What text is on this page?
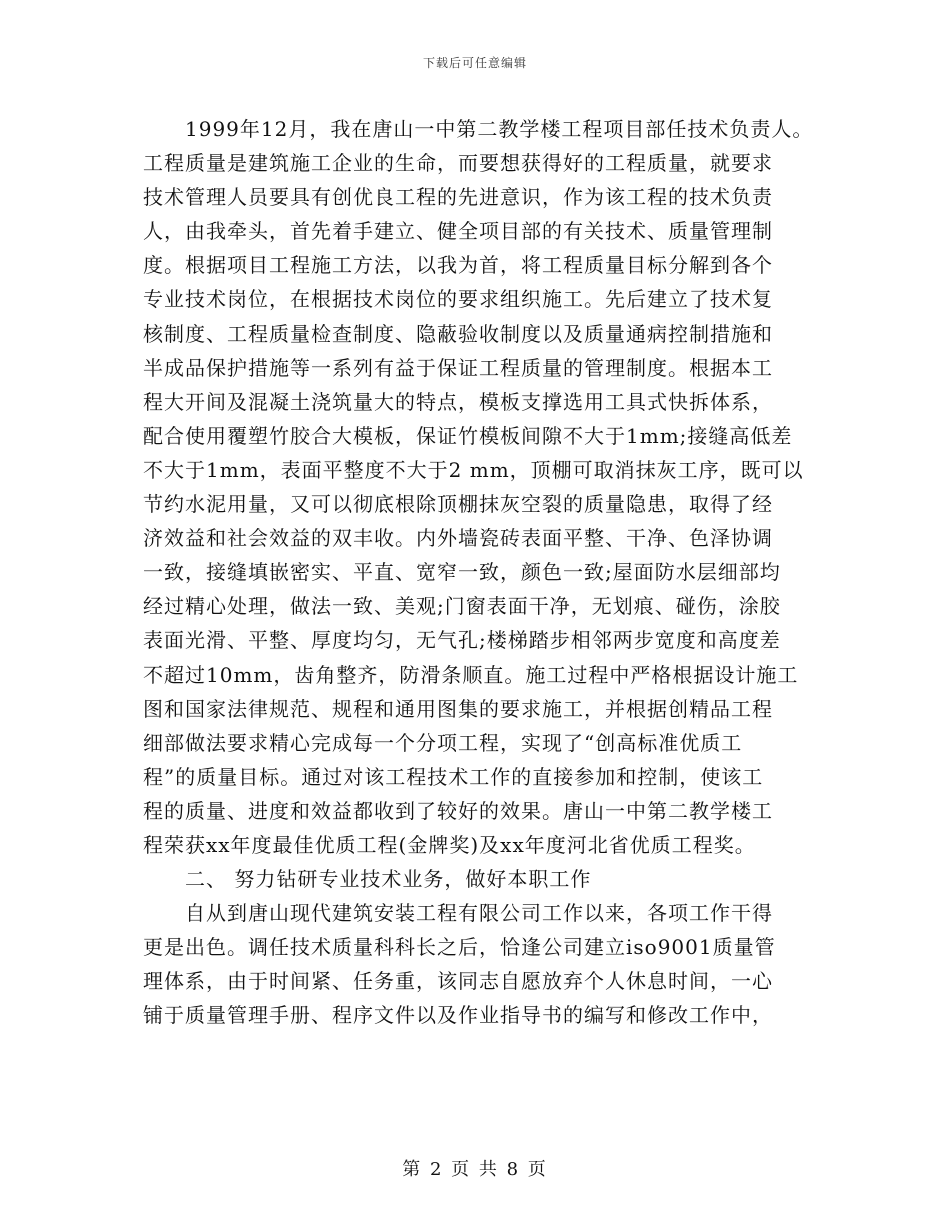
下载后可任意编辑
　　1999年12月，我在唐山一中第二教学楼工程项目部任技术负责人。
工程质量是建筑施工企业的生命，而要想获得好的工程质量，就要求
技术管理人员要具有创优良工程的先进意识，作为该工程的技术负责
人，由我牵头，首先着手建立、健全项目部的有关技术、质量管理制
度。根据项目工程施工方法，以我为首，将工程质量目标分解到各个
专业技术岗位，在根据技术岗位的要求组织施工。先后建立了技术复
核制度、工程质量检查制度、隐蔽验收制度以及质量通病控制措施和
半成品保护措施等一系列有益于保证工程质量的管理制度。根据本工
程大开间及混凝土浇筑量大的特点，模板支撑选用工具式快拆体系，
配合使用覆塑竹胶合大模板，保证竹模板间隙不大于1mm;接缝高低差
不大于1mm，表面平整度不大于2 mm，顶棚可取消抹灰工序，既可以
节约水泥用量，又可以彻底根除顶棚抹灰空裂的质量隐患，取得了经
济效益和社会效益的双丰收。内外墙瓷砖表面平整、干净、色泽协调
一致，接缝填嵌密实、平直、宽窄一致，颜色一致;屋面防水层细部均
经过精心处理，做法一致、美观;门窗表面干净，无划痕、碰伤，涂胶
表面光滑、平整、厚度均匀，无气孔;楼梯踏步相邻两步宽度和高度差
不超过10mm，齿角整齐，防滑条顺直。施工过程中严格根据设计施工
图和国家法律规范、规程和通用图集的要求施工，并根据创精品工程
细部做法要求精心完成每一个分项工程，实现了“创高标准优质工
程”的质量目标。通过对该工程技术工作的直接参加和控制，使该工
程的质量、进度和效益都收到了较好的效果。唐山一中第二教学楼工
程荣获xx年度最佳优质工程(金牌奖)及xx年度河北省优质工程奖。
　　二、 努力钻研专业技术业务，做好本职工作
　　自从到唐山现代建筑安装工程有限公司工作以来，各项工作干得
更是出色。调任技术质量科科长之后，恰逢公司建立iso9001质量管
理体系，由于时间紧、任务重，该同志自愿放弃个人休息时间，一心
铺于质量管理手册、程序文件以及作业指导书的编写和修改工作中，
第 2 页 共 8 页
